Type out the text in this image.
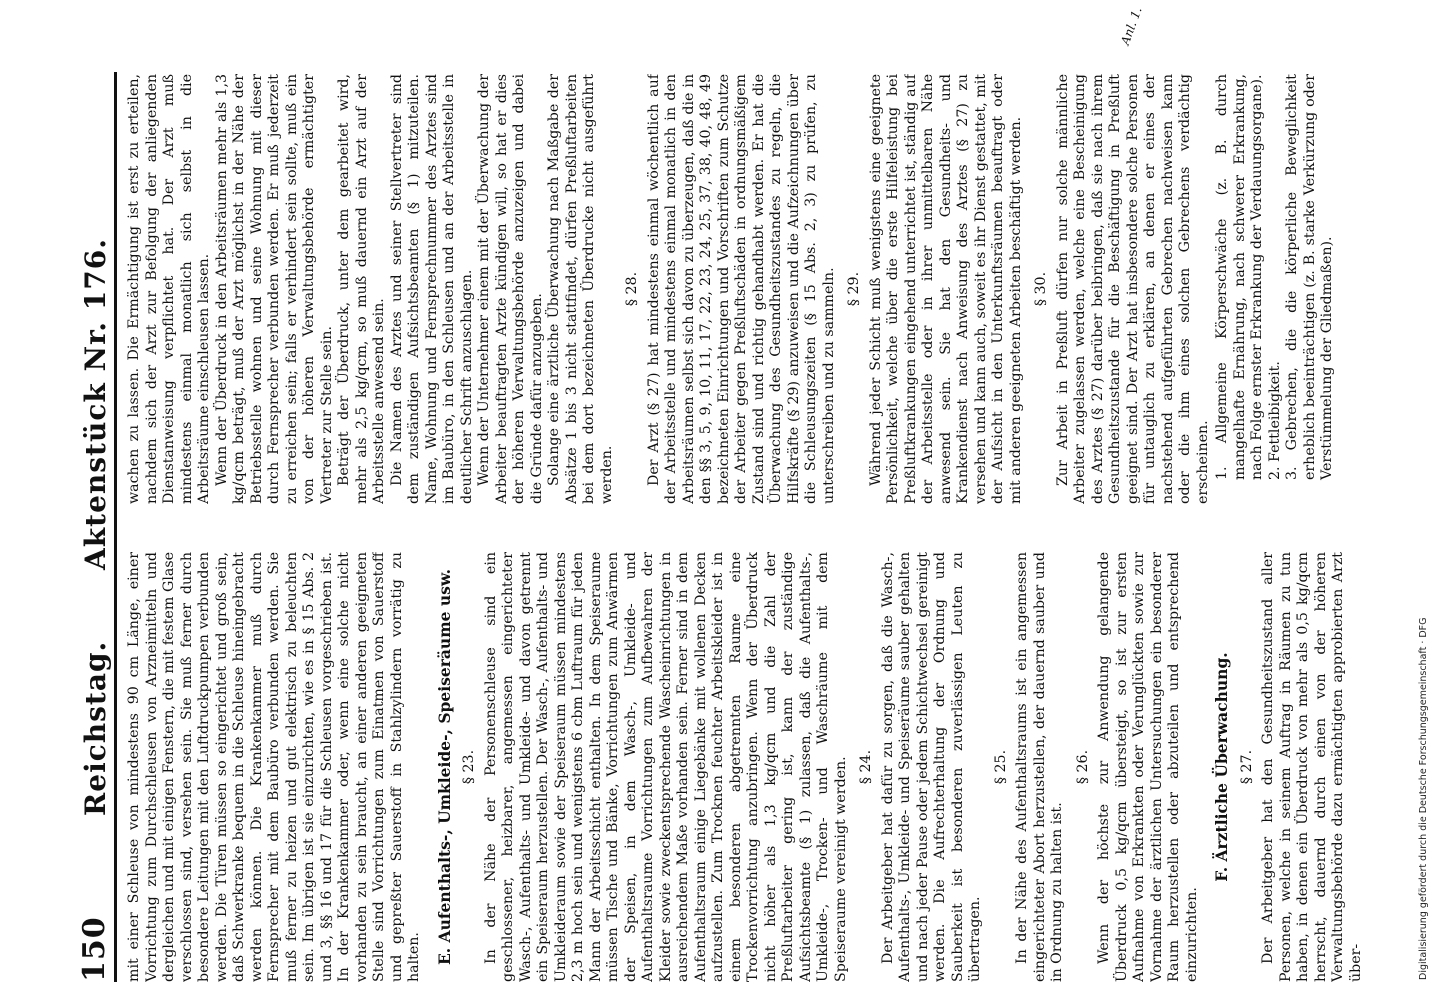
150
Reichstag. Aktenstück Nr. 176.

mit einer Schleuse von mindestens 90 cm Länge, einer Vorrichtung zum Durchschleusen von Arzneimitteln und dergleichen und mit einigen Fenstern, die mit festem Glase verschlossen sind, versehen sein. Sie muß ferner durch besondere Leitungen mit den Luftdruckpumpen verbunden werden. Die Türen müssen so eingerichtet und groß sein, daß Schwerkranke bequem in die Schleuse hineingebracht werden können. Die Krankenkammer muß durch Fernsprecher mit dem Baubüro verbunden werden. Sie muß ferner zu heizen und gut elektrisch zu beleuchten sein. Im übrigen ist sie einzurichten, wie es in § 15 Abs. 2 und 3, §§ 16 und 17 für die Schleusen vorgeschrieben ist. In der Krankenkammer oder, wenn eine solche nicht vorhanden zu sein braucht, an einer anderen geeigneten Stelle sind Vorrichtungen zum Einatmen von Sauerstoff und gepreßter Sauerstoff in Stahlzylindern vorrätig zu halten. E. Aufenthalts-, Umkleide-, Speiseräume usw. § 23. In der Nähe der Personenschleuse sind ein geschlossener, heizbarer, angemessen eingerichteter Wasch-, Aufenthalts- und Umkleide- und davon getrennt ein Speiseraum herzustellen. Der Wasch-, Aufenthalts- und Umkleideraum sowie der Speiseraum müssen mindestens 2,3 m hoch sein und wenigstens 6 cbm Luftraum für jeden Mann der Arbeitsschicht enthalten. In dem Speiseraume müssen Tische und Bänke, Vorrichtungen zum Anwärmen der Speisen, in dem Wasch-, Umkleide- und Aufenthaltsraume Vorrichtungen zum Aufbewahren der Kleider sowie zweckentsprechende Wascheinrichtungen in ausreichendem Maße vorhanden sein. Ferner sind in dem Aufenthaltsraum einige Liegebänke mit wollenen Decken aufzustellen. Zum Trocknen feuchter Arbeitskleider ist in einem besonderen abgetrennten Raume eine Trockenvorrichtung anzubringen. Wenn der Überdruck nicht höher als 1,3 kg/qcm und die Zahl der Preßluftarbeiter gering ist, kann der zuständige Aufsichtsbeamte (§ 1) zulassen, daß die Aufenthalts-, Umkleide-, Trocken- und Waschräume mit dem Speiseraume vereinigt werden. § 24. Der Arbeitgeber hat dafür zu sorgen, daß die Wasch-, Aufenthalts-, Umkleide- und Speiseräume sauber gehalten und nach jeder Pause oder jedem Schichtwechsel gereinigt werden. Die Aufrechterhaltung der Ordnung und Sauberkeit ist besonderen zuverlässigen Leuten zu übertragen.

§ 25. In der Nähe des Aufenthaltsraums ist ein angemessen eingerichteter Abort herzustellen, der dauernd sauber und in Ordnung zu halten ist.

§ 26. Wenn der höchste zur Anwendung gelangende Überdruck 0,5 kg/qcm übersteigt, so ist zur ersten Aufnahme von Erkrankten oder Verunglückten sowie zur Vornahme der ärztlichen Untersuchungen ein besonderer Raum herzustellen oder abzuteilen und entsprechend einzurichten.

F. Ärztliche Überwachung. § 27. Der Arbeitgeber hat den Gesundheitszustand aller Personen, welche in seinem Auftrag in Räumen zu tun haben, in denen ein Überdruck von mehr als 0,5 kg/qcm herrscht, dauernd durch einen von der höheren Verwaltungsbehörde dazu ermächtigten approbierten Arzt über-

wachen zu lassen. Die Ermächtigung ist erst zu erteilen, nachdem sich der Arzt zur Befolgung der anliegenden Dienstanweisung verpflichtet hat. Der Arzt muß mindestens einmal monatlich sich selbst in die Arbeitsräume einschleusen lassen. Wenn der Überdruck in den Arbeitsräumen mehr als 1,3 kg/qcm beträgt, muß der Arzt möglichst in der Nähe der Betriebsstelle wohnen und seine Wohnung mit dieser durch Fernsprecher verbunden werden. Er muß jederzeit zu erreichen sein; falls er verhindert sein sollte, muß ein von der höheren Verwaltungsbehörde ermächtigter Vertreter zur Stelle sein. Beträgt der Überdruck, unter dem gearbeitet wird, mehr als 2,5 kg/qcm, so muß dauernd ein Arzt auf der Arbeitsstelle anwesend sein. Die Namen des Arztes und seiner Stellvertreter sind dem zuständigen Aufsichtsbeamten (§ 1) mitzuteilen. Name, Wohnung und Fernsprechnummer des Arztes sind im Baubüro, in den Schleusen und an der Arbeitsstelle in deutlicher Schrift anzuschlagen. Wenn der Unternehmer einem mit der Überwachung der Arbeiter beauftragten Arzte kündigen will, so hat er dies der höheren Verwaltungsbehörde anzuzeigen und dabei die Gründe dafür anzugeben. Solange eine ärztliche Überwachung nach Maßgabe der Absätze 1 bis 3 nicht stattfindet, dürfen Preßluftarbeiten bei dem dort bezeichneten Überdrucke nicht ausgeführt werden.

§ 28. Der Arzt (§ 27) hat mindestens einmal wöchentlich auf der Arbeitsstelle und mindestens einmal monatlich in den Arbeitsräumen selbst sich davon zu überzeugen, daß die in den §§ 3, 5, 9, 10, 11, 17, 22, 23, 24, 25, 37, 38, 40, 48, 49 bezeichneten Einrichtungen und Vorschriften zum Schutze der Arbeiter gegen Preßluftschäden in ordnungsmäßigem Zustand sind und richtig gehandhabt werden. Er hat die Überwachung des Gesundheitszustandes zu regeln, die Hilfskräfte (§ 29) anzuweisen und die Aufzeichnungen über die Schleusungszeiten (§ 15 Abs. 2, 3) zu prüfen, zu unterschreiben und zu sammeln. § 29. Während jeder Schicht muß wenigstens eine geeignete Persönlichkeit, welche über die erste Hilfeleistung bei Preßluftkrankungen eingehend unterrichtet ist, ständig auf der Arbeitsstelle oder in ihrer unmittelbaren Nähe anwesend sein. Sie hat den Gesundheits- und Krankendienst nach Anweisung des Arztes (§ 27) zu versehen und kann auch, soweit es ihr Dienst gestattet, mit der Aufsicht in den Unterkunftsräumen beauftragt oder mit anderen geeigneten Arbeiten beschäftigt werden. § 30. Zur Arbeit in Preßluft dürfen nur solche männliche Arbeiter zugelassen werden, welche eine Bescheinigung des Arztes (§ 27) darüber beibringen, daß sie nach ihrem Gesundheitszustande für die Beschäftigung in Preßluft geeignet sind. Der Arzt hat insbesondere solche Personen für untauglich zu erklären, an denen er eines der nachstehend aufgeführten Gebrechen nachweisen kann oder die ihm eines solchen Gebrechens verdächtig erscheinen. 1. Allgemeine Körperschwäche (z. B. durch mangelhafte Ernährung, nach schwerer Erkrankung, nach Folge ernster Erkrankung der Verdauungsorgane). 2. Fettleibigkeit. 3. Gebrechen, die die körperliche Beweglichkeit erheblich beeinträchtigen (z. B. starke Verkürzung oder Verstümmelung der Gliedmaßen).
Anl. 1.
Digitalisierung gefördert durch die Deutsche Forschungsgemeinschaft · DFG
